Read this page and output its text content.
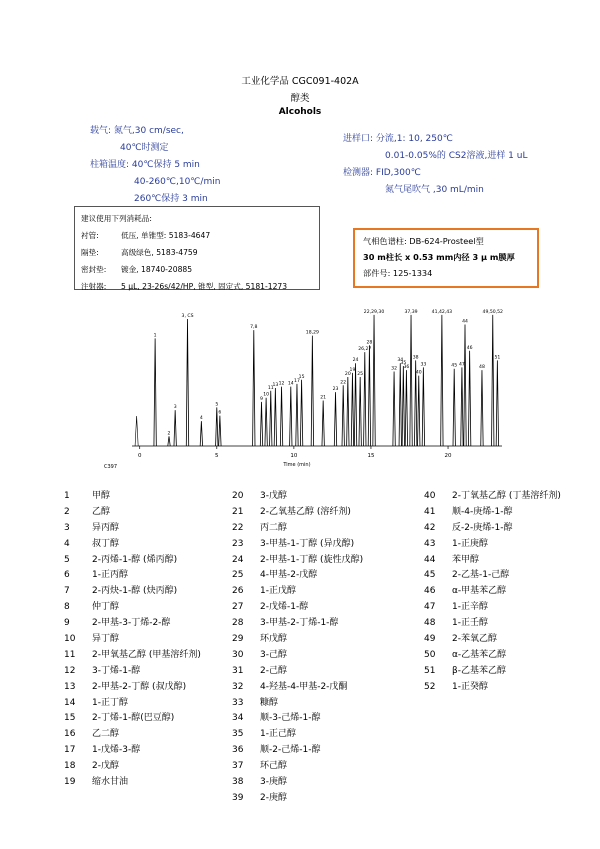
工业化学品 CGC091-402A
醇类
Alcohols
载气: 氮气,30 cm/sec,
40℃时测定
柱箱温度: 40℃保持 5 min
40-260℃,10℃/min
260℃保持 3 min
进样口: 分流,1: 10, 250℃
0.01-0.05%的 CS2溶液,进样 1 uL
检测器: FID,300℃
氮气尾吹气 ,30 mL/min
建议使用下列消耗品:
衬管:	低压, 单锥型: 5183-4647
隔垫:	高级绿色, 5183-4759
密封垫: 镀金, 18740-20885
注射器: 5 μL, 23-26s/42/HP, 锥型, 固定式, 5181-1273
气相色谱柱: DB-624-Prosteel型
30 m柱长 x 0.53 mm内径 3 μ m膜厚
部件号: 125-1334
0	5	10	15	20
Time (min)
C397
1
2
3
3, CS
4
5
6
7,8
9
10
11
13 12 14
17
15
18,29
21
23
22
20
19
24
25
26,27
28
22,29,30
32
34
35
36
37,39
38
40
33
41,42,43
45 47
44
46
48
49,50,52
51
1 甲醇
2 乙醇
3 异丙醇
4 叔丁醇
5 2-丙烯-1-醇 (烯丙醇)
6 1-正丙醇
7 2-丙炔-1-醇 (炔丙醇)
8 仲丁醇
9 2-甲基-3-丁烯-2-醇
10 异丁醇
11 2-甲氧基乙醇 (甲基溶纤剂)
12 3-丁烯-1-醇
13 2-甲基-2-丁醇 (叔戊醇)
14 1-正丁醇
15 2-丁烯-1-醇(巴豆醇)
16 乙二醇
17 1-戊烯-3-醇
18 2-戊醇
19 缩水甘油
20 3-戊醇
21 2-乙氧基乙醇 (溶纤剂)
22 丙二醇
23 3-甲基-1-丁醇 (异戊醇)
24 2-甲基-1-丁醇 (旋性戊醇)
25 4-甲基-2-戊醇
26 1-正戊醇
27 2-戊烯-1-醇
28 3-甲基-2-丁烯-1-醇
29 环戊醇
30 3-己醇
31 2-己醇
32 4-羟基-4-甲基-2-戊酮
33 糠醇
34 顺-3-己烯-1-醇
35 1-正己醇
36 顺-2-己烯-1-醇
37 环己醇
38 3-庚醇
39 2-庚醇
40 2-丁氧基乙醇 (丁基溶纤剂)
41 顺-4-庚烯-1-醇
42 反-2-庚烯-1-醇
43 1-正庚醇
44 苯甲醇
45 2-乙基-1-己醇
46 α-甲基苯乙醇
47 1-正辛醇
48 1-正壬醇
49 2-苯氧乙醇
50 α-乙基苯乙醇
51 β-乙基苯乙醇
52 1-正癸醇
